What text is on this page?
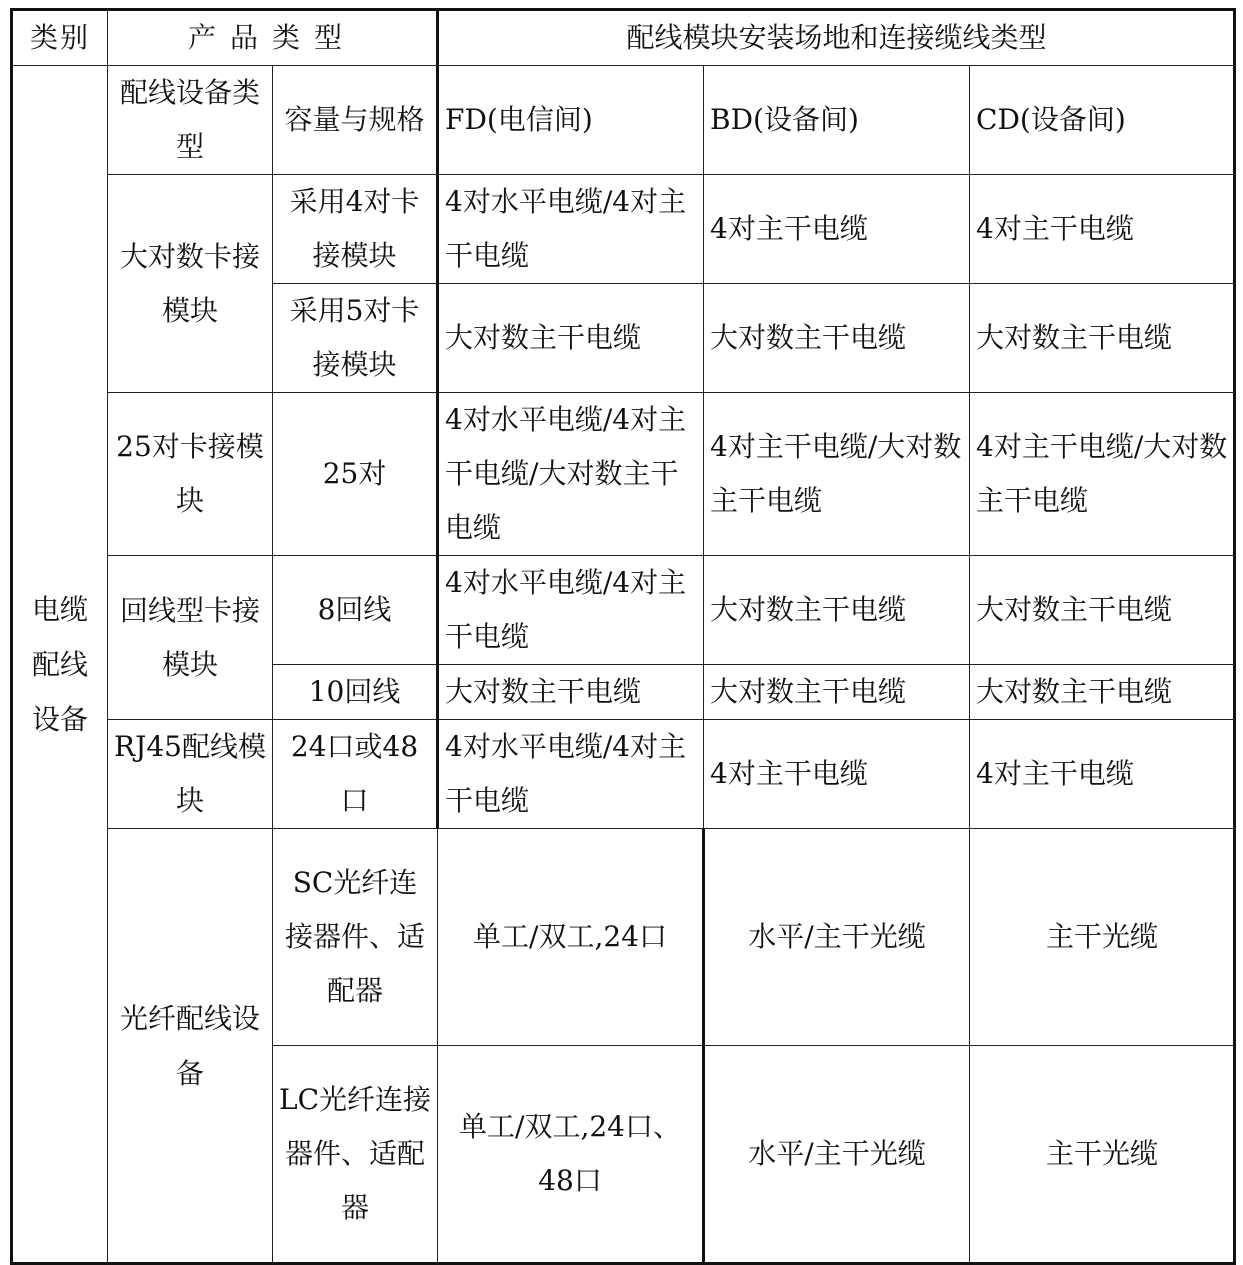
类别	产品类型		配线模块安装场地和连接缆线类型			
电缆配线设备	配线设备类型	容量与规格	FD(电信间)	BD(设备间)	CD(设备间)	
	大对数卡接模块	采用4对卡接模块	4对水平电缆/4对主干电缆	4对主干电缆	4对主干电缆	
		采用5对卡接模块	大对数主干电缆	大对数主干电缆	大对数主干电缆	
	25对卡接模块	25对	4对水平电缆/4对主干电缆/大对数主干电缆	4对主干电缆/大对数主干电缆	4对主干电缆/大对数主干电缆	
	回线型卡接模块	8回线	4对水平电缆/4对主干电缆	大对数主干电缆	大对数主干电缆	
		10回线	大对数主干电缆	大对数主干电缆	大对数主干电缆	
	RJ45配线模块	24口或48口	4对水平电缆/4对主干电缆	4对主干电缆	4对主干电缆	
	光纤配线设备	SC光纤连接器件、适配器	单工/双工,24口	水平/主干光缆	主干光缆	
		LC光纤连接器件、适配器	单工/双工,24口、48口	水平/主干光缆	主干光缆	
